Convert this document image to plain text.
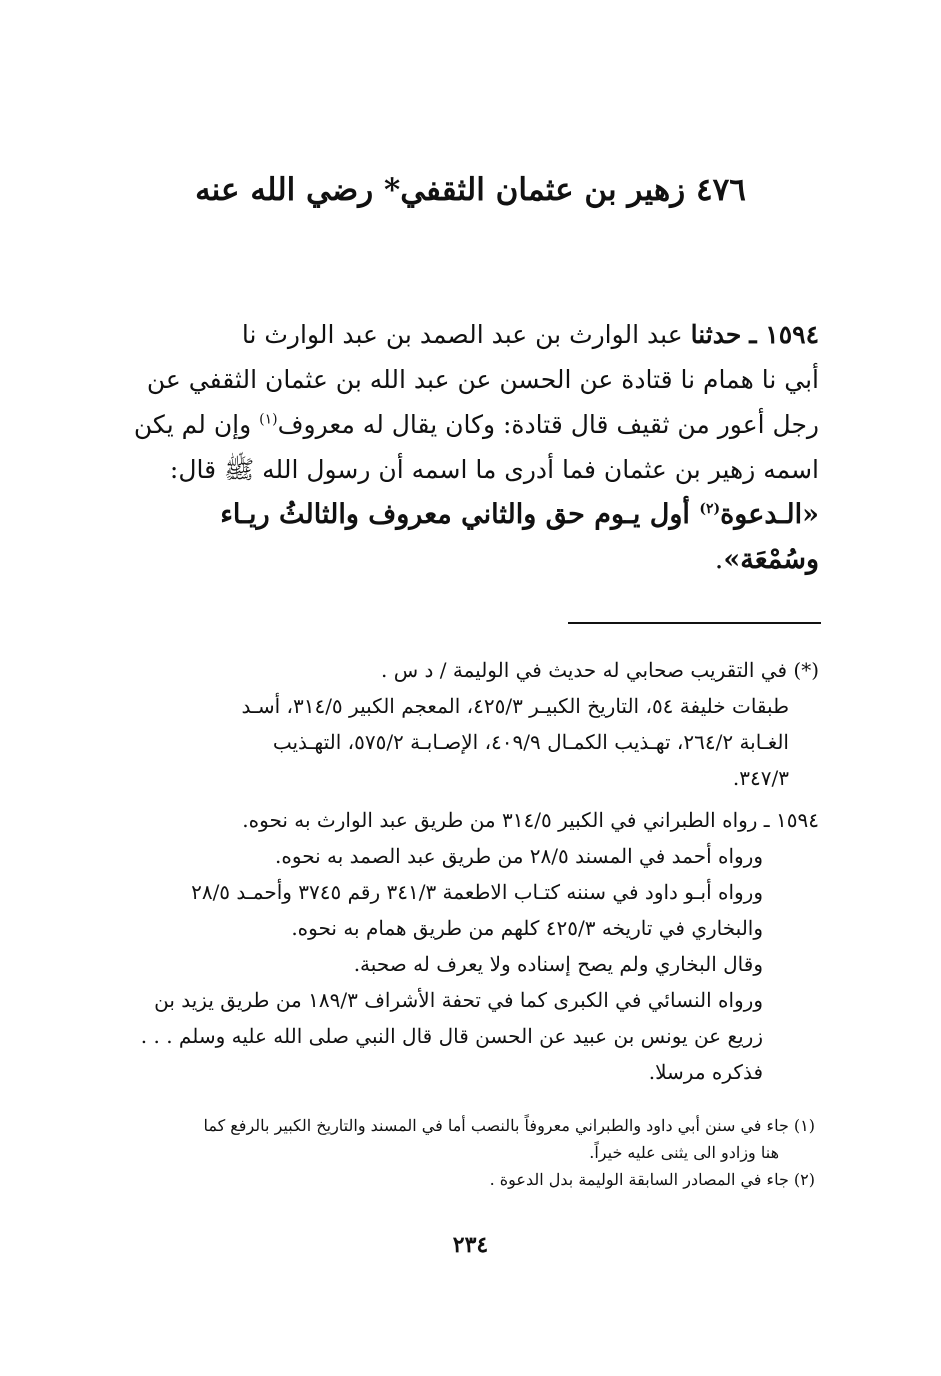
٤٧٦ زهير بن عثمان الثقفي* رضي الله عنه

١٥٩٤ ـ حدثنا عبد الوارث بن عبد الصمد بن عبد الوارث نا

أبي نا همام نا قتادة عن الحسن عن عبد الله بن عثمان الثقفي عن

رجل أعور من ثقيف قال قتادة: وكان يقال له معروف$^{(١)}$ وإن لم يكن

اسمه زهير بن عثمان فما أدرى ما اسمه أن رسول الله ﷺ قال:

«الـدعوة$^{(٢)}$ أول يـوم حق والثاني معروف والثالثُ ريـاء

وسُمْعَة».

(*) في التقريب صحابي له حديث في الوليمة / د س .

طبقات خليفة ٥٤، التاريخ الكبيـر ٤٢٥/٣، المعجم الكبير ٣١٤/٥، أسـد

الغـابة ٢٦٤/٢، تهـذيب الكمـال ٤٠٩/٩، الإصـابـة ٥٧٥/٢، التهـذيب

٣٤٧/٣.

١٥٩٤ ـ رواه الطبراني في الكبير ٣١٤/٥ من طريق عبد الوارث به نحوه.

ورواه أحمد في المسند ٢٨/٥ من طريق عبد الصمد به نحوه.

ورواه أبـو داود في سننه كتـاب الاطعمة ٣٤١/٣ رقم ٣٧٤٥ وأحمـد ٢٨/٥

والبخاري في تاريخه ٤٢٥/٣ كلهم من طريق همام به نحوه.

وقال البخاري ولم يصح إسناده ولا يعرف له صحبة.

ورواه النسائي في الكبرى كما في تحفة الأشراف ١٨٩/٣ من طريق يزيد بن

زريع عن يونس بن عبيد عن الحسن قال قال النبي صلى الله عليه وسلم . . .

فذكره مرسلا.

(١) جاء في سنن أبي داود والطبراني معروفاً بالنصب أما في المسند والتاريخ الكبير بالرفع كما

هنا وزادو الى يثنى عليه خيراً.

(٢) جاء في المصادر السابقة الوليمة بدل الدعوة .

٢٣٤
